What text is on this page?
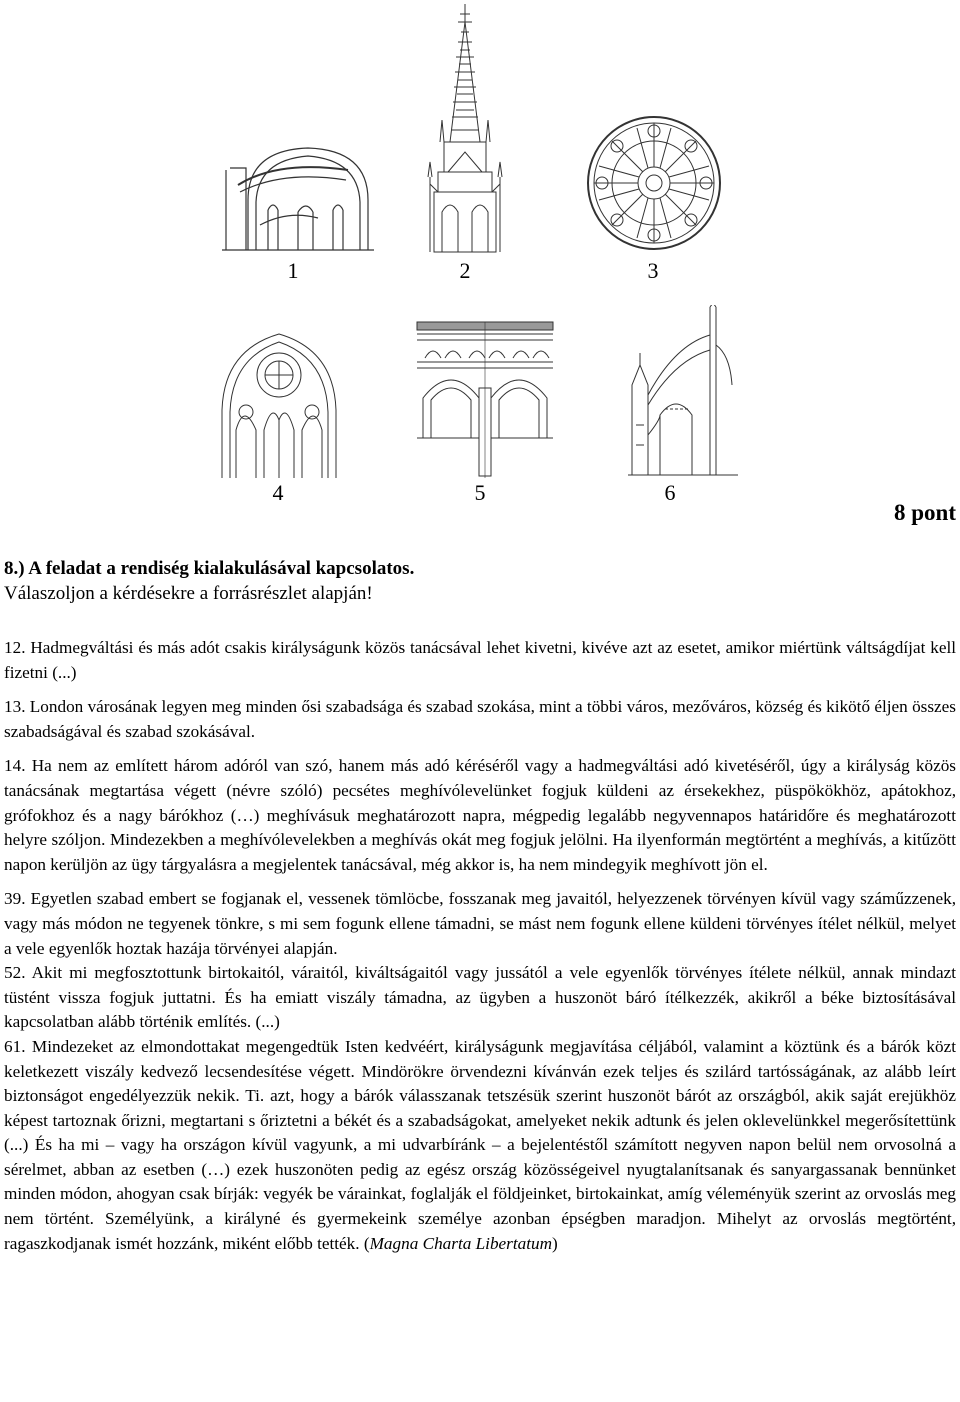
1	2	3
4	5	6
8 pont
8.) A feladat a rendiség kialakulásával kapcsolatos.
Válaszoljon a kérdésekre a forrásrészlet alapján!

12. Hadmegváltási és más adót csakis királyságunk közös tanácsával lehet kivetni, kivéve azt az esetet, amikor miértünk váltságdíjat kell fizetni (...)

13. London városának legyen meg minden ősi szabadsága és szabad szokása, mint a többi város, mezőváros, község és kikötő éljen összes szabadságával és szabad szokásával.

14. Ha nem az említett három adóról van szó, hanem más adó kéréséről vagy a hadmegváltási adó kivetéséről, úgy a királyság közös tanácsának megtartása végett (névre szóló) pecsétes meghívólevelünket fogjuk küldeni az érsekekhez, püspökökhöz, apátokhoz, grófokhoz és a nagy bárókhoz (…) meghívásuk meghatározott napra, mégpedig legalább negyvennapos határidőre és meghatározott helyre szóljon. Mindezekben a meghívólevelekben a meghívás okát meg fogjuk jelölni. Ha ilyenformán megtörtént a meghívás, a kitűzött napon kerüljön az ügy tárgyalásra a megjelentek tanácsával, még akkor is, ha nem mindegyik meghívott jön el.

39. Egyetlen szabad embert se fogjanak el, vessenek tömlöcbe, fosszanak meg javaitól, helyezzenek törvényen kívül vagy száműzzenek, vagy más módon ne tegyenek tönkre, s mi sem fogunk ellene támadni, se mást nem fogunk ellene küldeni törvényes ítélet nélkül, melyet a vele egyenlők hoztak hazája törvényei alapján.

52. Akit mi megfosztottunk birtokaitól, váraitól, kiváltságaitól vagy jussától a vele egyenlők törvényes ítélete nélkül, annak mindazt tüstént vissza fogjuk juttatni. És ha emiatt viszály támadna, az ügyben a huszonöt báró ítélkezzék, akikről a béke biztosításával kapcsolatban alább történik említés. (...)

61. Mindezeket az elmondottakat megengedtük Isten kedvéért, királyságunk megjavítása céljából, valamint a köztünk és a bárók közt keletkezett viszály kedvező lecsendesítése végett. Mindörökre örvendezni kívánván ezek teljes és szilárd tartósságának, az alább leírt biztonságot engedélyezzük nekik. Ti. azt, hogy a bárók válasszanak tetszésük szerint huszonöt bárót az országból, akik saját erejükhöz képest tartoznak őrizni, megtartani s őriztetni a békét és a szabadságokat, amelyeket nekik adtunk és jelen oklevelünkkel megerősítettünk (...) És ha mi – vagy ha országon kívül vagyunk, a mi udvarbíránk – a bejelentéstől számított negyven napon belül nem orvosolná a sérelmet, abban az esetben (…) ezek huszonöten pedig az egész ország közösségeivel nyugtalanítsanak és sanyargassanak bennünket minden módon, ahogyan csak bírják: vegyék be várainkat, foglalják el földjeinket, birtokainkat, amíg véleményük szerint az orvoslás meg nem történt. Személyünk, a királyné és gyermekeink személye azonban épségben maradjon. Mihelyt az orvoslás megtörtént, ragaszkodjanak ismét hozzánk, miként előbb tették. (Magna Charta Libertatum)
